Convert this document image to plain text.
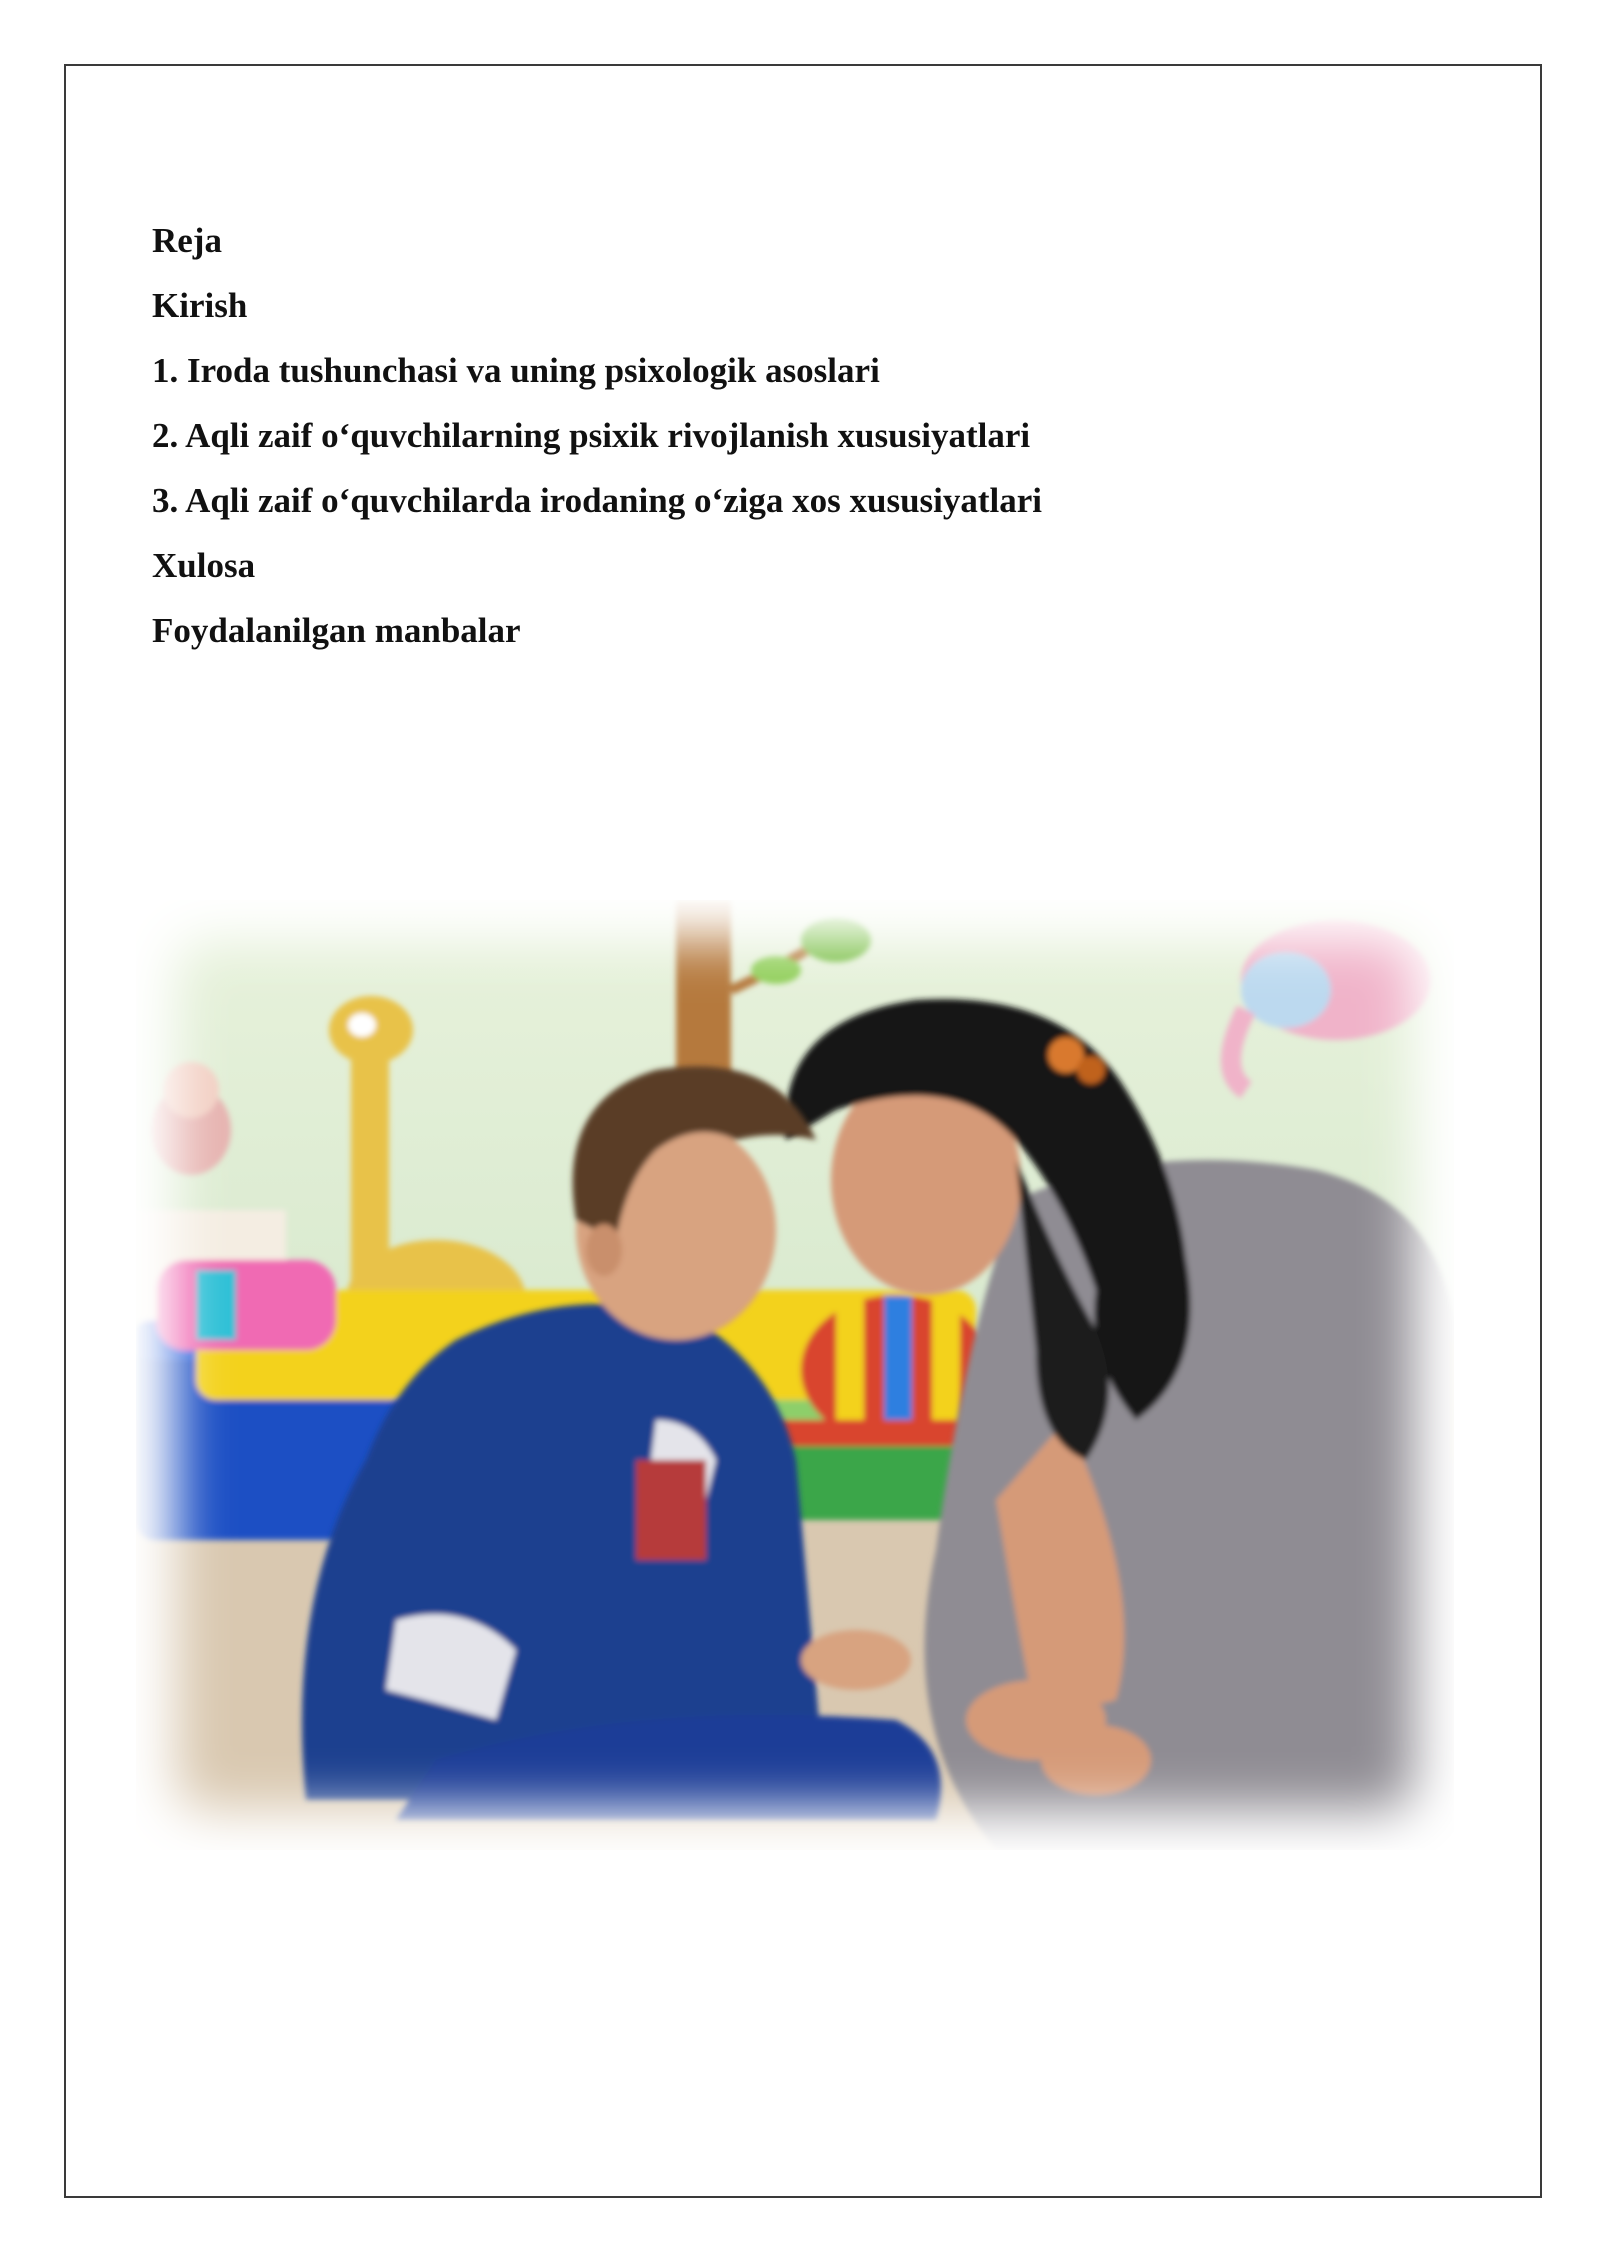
Reja
Kirish
1. Iroda tushunchasi va uning psixologik asoslari
2. Aqli zaif o‘quvchilarning psixik rivojlanish xususiyatlari
3. Aqli zaif o‘quvchilarda irodaning o‘ziga xos xususiyatlari
Xulosa
Foydalanilgan manbalar
